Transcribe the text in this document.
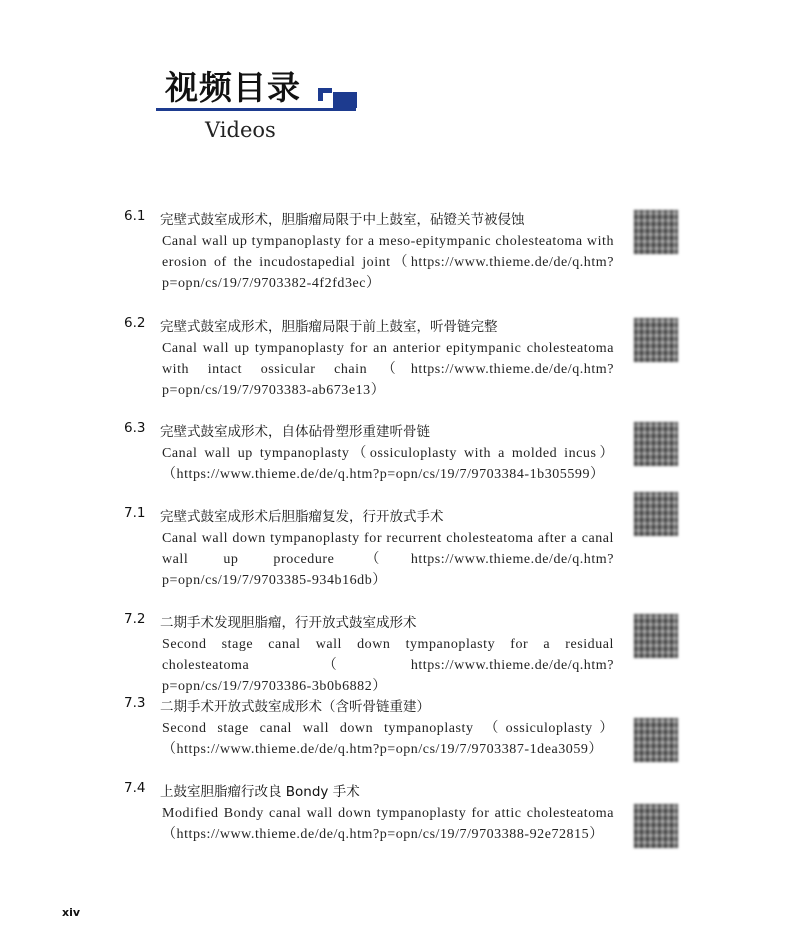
视频目录
Videos
6.1 完壁式鼓室成形术，胆脂瘤局限于中上鼓室，砧镫关节被侵蚀
Canal wall up tympanoplasty for a meso-epitympanic cholesteatoma with erosion of the incudostapedial joint（https://www.thieme.de/de/q.htm?p=opn/cs/19/7/9703382-4f2fd3ec）
6.2 完壁式鼓室成形术，胆脂瘤局限于前上鼓室，听骨链完整
Canal wall up tympanoplasty for an anterior epitympanic cholesteatoma with intact ossicular chain（https://www.thieme.de/de/q.htm?p=opn/cs/19/7/9703383-ab673e13）
6.3 完壁式鼓室成形术，自体砧骨塑形重建听骨链
Canal wall up tympanoplasty（ossiculoplasty with a molded incus）（https://www.thieme.de/de/q.htm?p=opn/cs/19/7/9703384-1b305599）
7.1 完壁式鼓室成形术后胆脂瘤复发，行开放式手术
Canal wall down tympanoplasty for recurrent cholesteatoma after a canal wall up procedure（https://www.thieme.de/de/q.htm?p=opn/cs/19/7/9703385-934b16db）
7.2 二期手术发现胆脂瘤，行开放式鼓室成形术
Second stage canal wall down tympanoplasty for a residual cholesteatoma（https://www.thieme.de/de/q.htm?p=opn/cs/19/7/9703386-3b0b6882）
7.3 二期手术开放式鼓室成形术（含听骨链重建）
Second stage canal wall down tympanoplasty （ossiculoplasty）（https://www.thieme.de/de/q.htm?p=opn/cs/19/7/9703387-1dea3059）
7.4 上鼓室胆脂瘤行改良 Bondy 手术
Modified Bondy canal wall down tympanoplasty for attic cholesteatoma（https://www.thieme.de/de/q.htm?p=opn/cs/19/7/9703388-92e72815）
xiv
